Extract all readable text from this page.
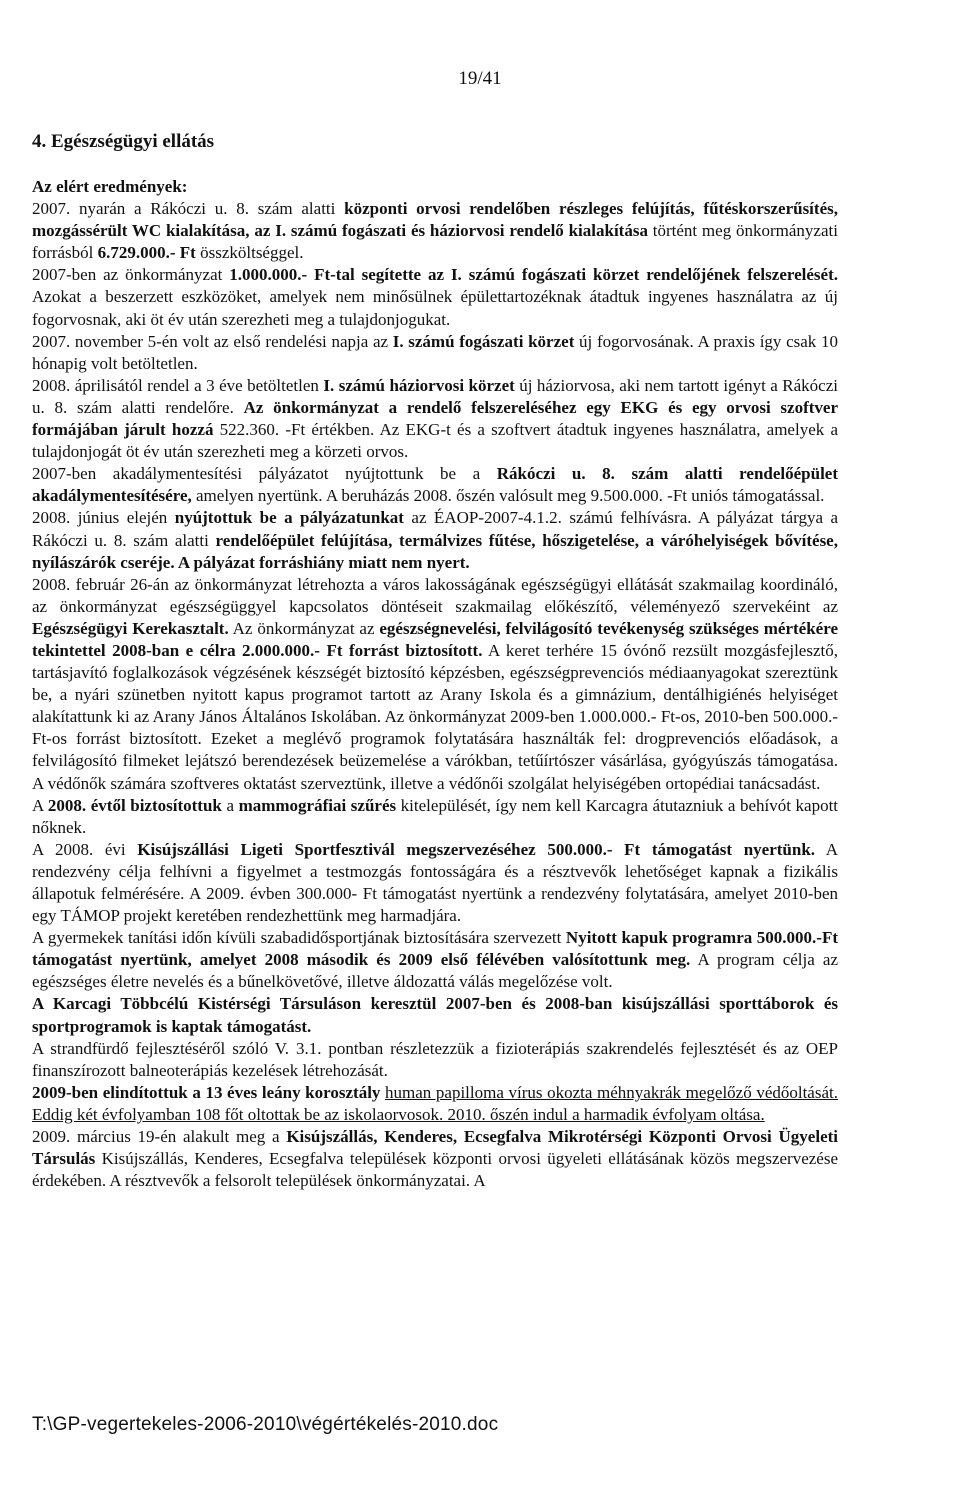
19/41
4. Egészségügyi ellátás

Az elért eredmények:

2007. nyarán a Rákóczi u. 8. szám alatti központi orvosi rendelőben részleges felújítás, fűtéskorszerűsítés, mozgássérült WC kialakítása, az I. számú fogászati és háziorvosi rendelő kialakítása történt meg önkormányzati forrásból 6.729.000.- Ft összköltséggel.

2007-ben az önkormányzat 1.000.000.- Ft-tal segítette az I. számú fogászati körzet rendelőjének felszerelését. Azokat a beszerzett eszközöket, amelyek nem minősülnek épülettartozéknak átadtuk ingyenes használatra az új fogorvosnak, aki öt év után szerezheti meg a tulajdonjogukat.

2007. november 5-én volt az első rendelési napja az I. számú fogászati körzet új fogorvosának. A praxis így csak 10 hónapig volt betöltetlen.

2008. áprilisától rendel a 3 éve betöltetlen I. számú háziorvosi körzet új háziorvosa, aki nem tartott igényt a Rákóczi u. 8. szám alatti rendelőre. Az önkormányzat a rendelő felszereléséhez egy EKG és egy orvosi szoftver formájában járult hozzá 522.360. -Ft értékben. Az EKG-t és a szoftvert átadtuk ingyenes használatra, amelyek a tulajdonjogát öt év után szerezheti meg a körzeti orvos.

2007-ben akadálymentesítési pályázatot nyújtottunk be a Rákóczi u. 8. szám alatti rendelőépület akadálymentesítésére, amelyen nyertünk. A beruházás 2008. őszén valósult meg 9.500.000. -Ft uniós támogatással.

2008. június elején nyújtottuk be a pályázatunkat az ÉAOP-2007-4.1.2. számú felhívásra. A pályázat tárgya a Rákóczi u. 8. szám alatti rendelőépület felújítása, termálvizes fűtése, hőszigetelése, a váróhelyiségek bővítése, nyílászárók cseréje. A pályázat forráshiány miatt nem nyert.

2008. február 26-án az önkormányzat létrehozta a város lakosságának egészségügyi ellátását szakmailag koordináló, az önkormányzat egészségüggyel kapcsolatos döntéseit szakmailag előkészítő, véleményező szervekéint az Egészségügyi Kerekasztalt. Az önkormányzat az egészségnevelési, felvilágosító tevékenység szükséges mértékére tekintettel 2008-ban e célra 2.000.000.- Ft forrást biztosított. A keret terhére 15 óvónő rezsült mozgásfejlesztő, tartásjavító foglalkozások végzésének készségét biztosító képzésben, egészségprevenciós médiaanyagokat szereztünk be, a nyári szünetben nyitott kapus programot tartott az Arany Iskola és a gimnázium, dentálhigiénés helyiséget alakítattunk ki az Arany János Általános Iskolában. Az önkormányzat 2009-ben 1.000.000.- Ft-os, 2010-ben 500.000.- Ft-os forrást biztosított. Ezeket a meglévő programok folytatására használták fel: drogprevenciós előadások, a felvilágosító filmeket lejátszó berendezések beüzemelése a várókban, tetűírtószer vásárlása, gyógyúszás támogatása. A védőnők számára szoftveres oktatást szerveztünk, illetve a védőnői szolgálat helyiségében ortopédiai tanácsadást.

A 2008. évtől biztosítottuk a mammográfiai szűrés kitelepülését, így nem kell Karcagra átutazniuk a behívót kapott nőknek.

A 2008. évi Kisújszállási Ligeti Sportfesztivál megszervezéséhez 500.000.- Ft támogatást nyertünk. A rendezvény célja felhívni a figyelmet a testmozgás fontosságára és a résztvevők lehetőséget kapnak a fizikális állapotuk felmérésére. A 2009. évben 300.000- Ft támogatást nyertünk a rendezvény folytatására, amelyet 2010-ben egy TÁMOP projekt keretében rendezhettünk meg harmadjára.

A gyermekek tanítási időn kívüli szabadidősportjának biztosítására szervezett Nyitott kapuk programra 500.000.-Ft támogatást nyertünk, amelyet 2008 második és 2009 első félévében valósítottunk meg. A program célja az egészséges életre nevelés és a bűnelkövetővé, illetve áldozattá válás megelőzése volt.

A Karcagi Többcélú Kistérségi Társuláson keresztül 2007-ben és 2008-ban kisújszállási sporttáborok és sportprogramok is kaptak támogatást.

A strandfürdő fejlesztéséről szóló V. 3.1. pontban részletezzük a fizioterápiás szakrendelés fejlesztését és az OEP finanszírozott balneoterápiás kezelések létrehozását.

2009-ben elindítottuk a 13 éves leány korosztály human papilloma vírus okozta méhnyakrák megelőző védőoltását. Eddig két évfolyamban 108 főt oltottak be az iskolaorvosok. 2010. őszén indul a harmadik évfolyam oltása.

2009. március 19-én alakult meg a Kisújszállás, Kenderes, Ecsegfalva Mikrotérségi Központi Orvosi Ügyeleti Társulás Kisújszállás, Kenderes, Ecsegfalva települések központi orvosi ügyeleti ellátásának közös megszervezése érdekében. A résztvevők a felsorolt települések önkormányzatai. A

T:\GP-vegertekeles-2006-2010\végértékelés-2010.doc
